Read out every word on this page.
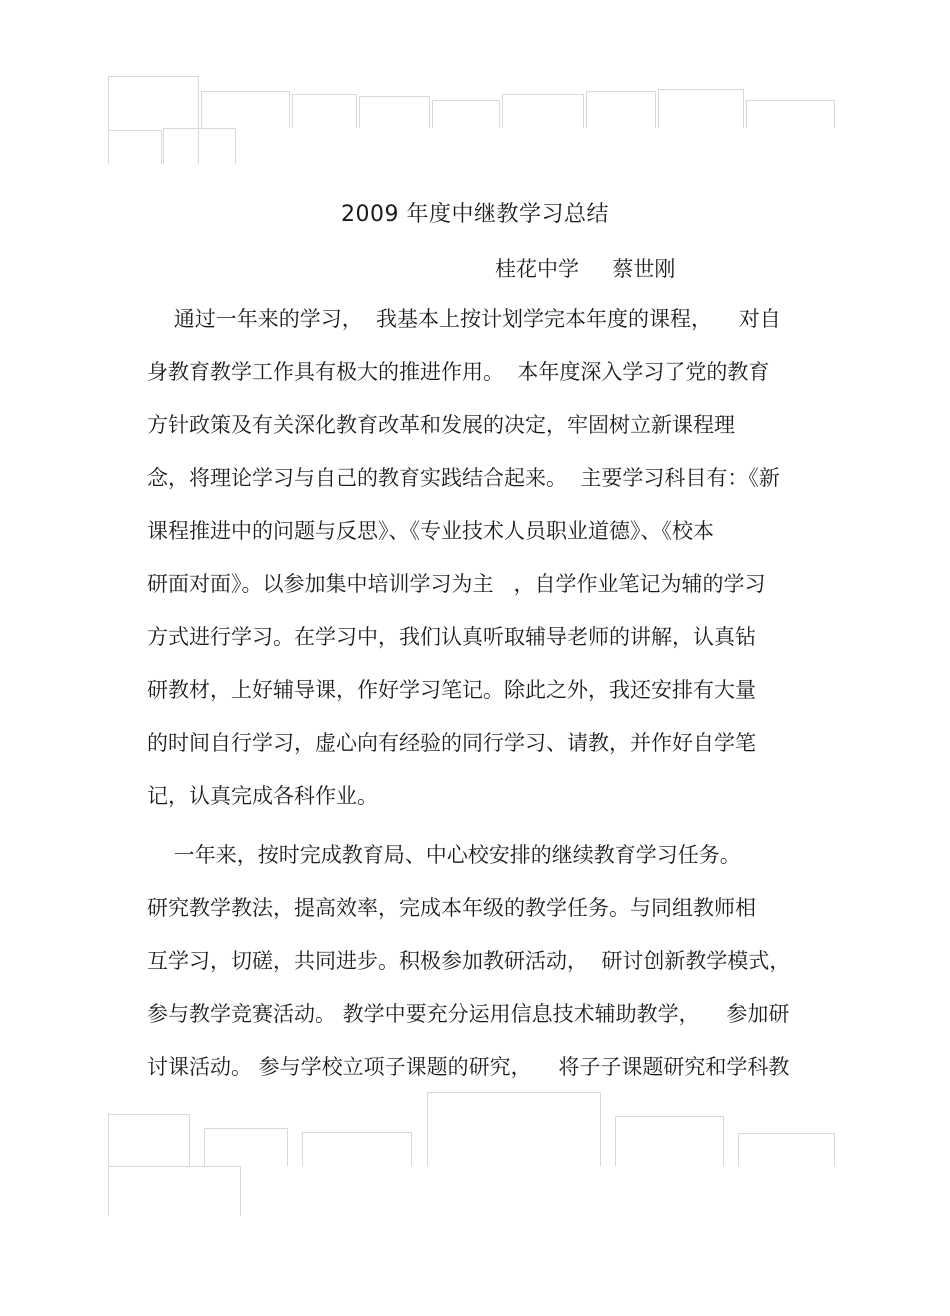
2009 年度中继教学习总结
桂花中学     蔡世刚
通过一年来的学习，  我基本上按计划学完本年度的课程，    对自
身教育教学工作具有极大的推进作用。  本年度深入学习了党的教育
方针政策及有关深化教育改革和发展的决定，牢固树立新课程理
念，将理论学习与自己的教育实践结合起来。  主要学习科目有：《新
课程推进中的问题与反思》、《专业技术人员职业道德》、《校本
研面对面》。以参加集中培训学习为主   ，自学作业笔记为辅的学习
方式进行学习。在学习中，我们认真听取辅导老师的讲解，认真钻
研教材，上好辅导课，作好学习笔记。除此之外，我还安排有大量
的时间自行学习，虚心向有经验的同行学习、请教，并作好自学笔
记，认真完成各科作业。
一年来，按时完成教育局、中心校安排的继续教育学习任务。
研究教学教法，提高效率，完成本年级的教学任务。与同组教师相
互学习，切磋，共同进步。积极参加教研活动，  研讨创新教学模式，
参与教学竞赛活动。 教学中要充分运用信息技术辅助教学，    参加研
讨课活动。 参与学校立项子课题的研究，    将子子课题研究和学科教
